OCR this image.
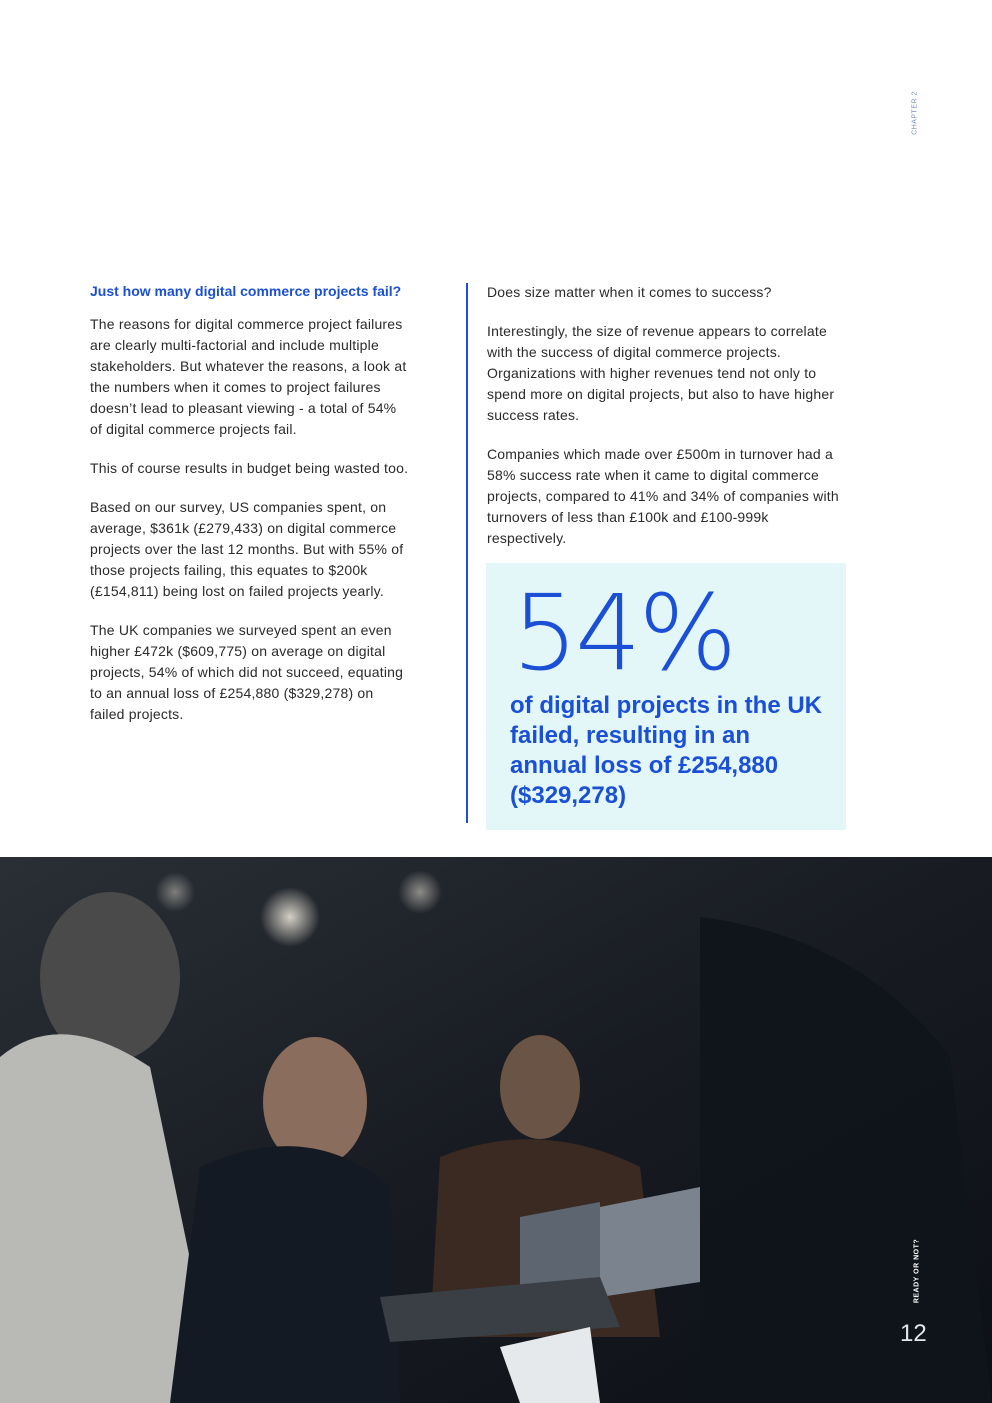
CHAPTER 2
Just how many digital commerce projects fail?

The reasons for digital commerce project failures are clearly multi-factorial and include multiple stakeholders. But whatever the reasons, a look at the numbers when it comes to project failures doesn’t lead to pleasant viewing - a total of 54% of digital commerce projects fail.

This of course results in budget being wasted too.

Based on our survey, US companies spent, on average, $361k (£279,433) on digital commerce projects over the last 12 months. But with 55% of those projects failing, this equates to $200k (£154,811) being lost on failed projects yearly.

The UK companies we surveyed spent an even higher £472k ($609,775) on average on digital projects, 54% of which did not succeed, equating to an annual loss of £254,880 ($329,278) on failed projects.

Does size matter when it comes to success?

Interestingly, the size of revenue appears to correlate with the success of digital commerce projects. Organizations with higher revenues tend not only to spend more on digital projects, but also to have higher success rates.

Companies which made over £500m in turnover had a 58% success rate when it came to digital commerce projects, compared to 41% and 34% of companies with turnovers of less than £100k and £100-999k respectively.

54%
of digital projects in the UK failed, resulting in an annual loss of £254,880 ($329,278)
READY OR NOT?
12
